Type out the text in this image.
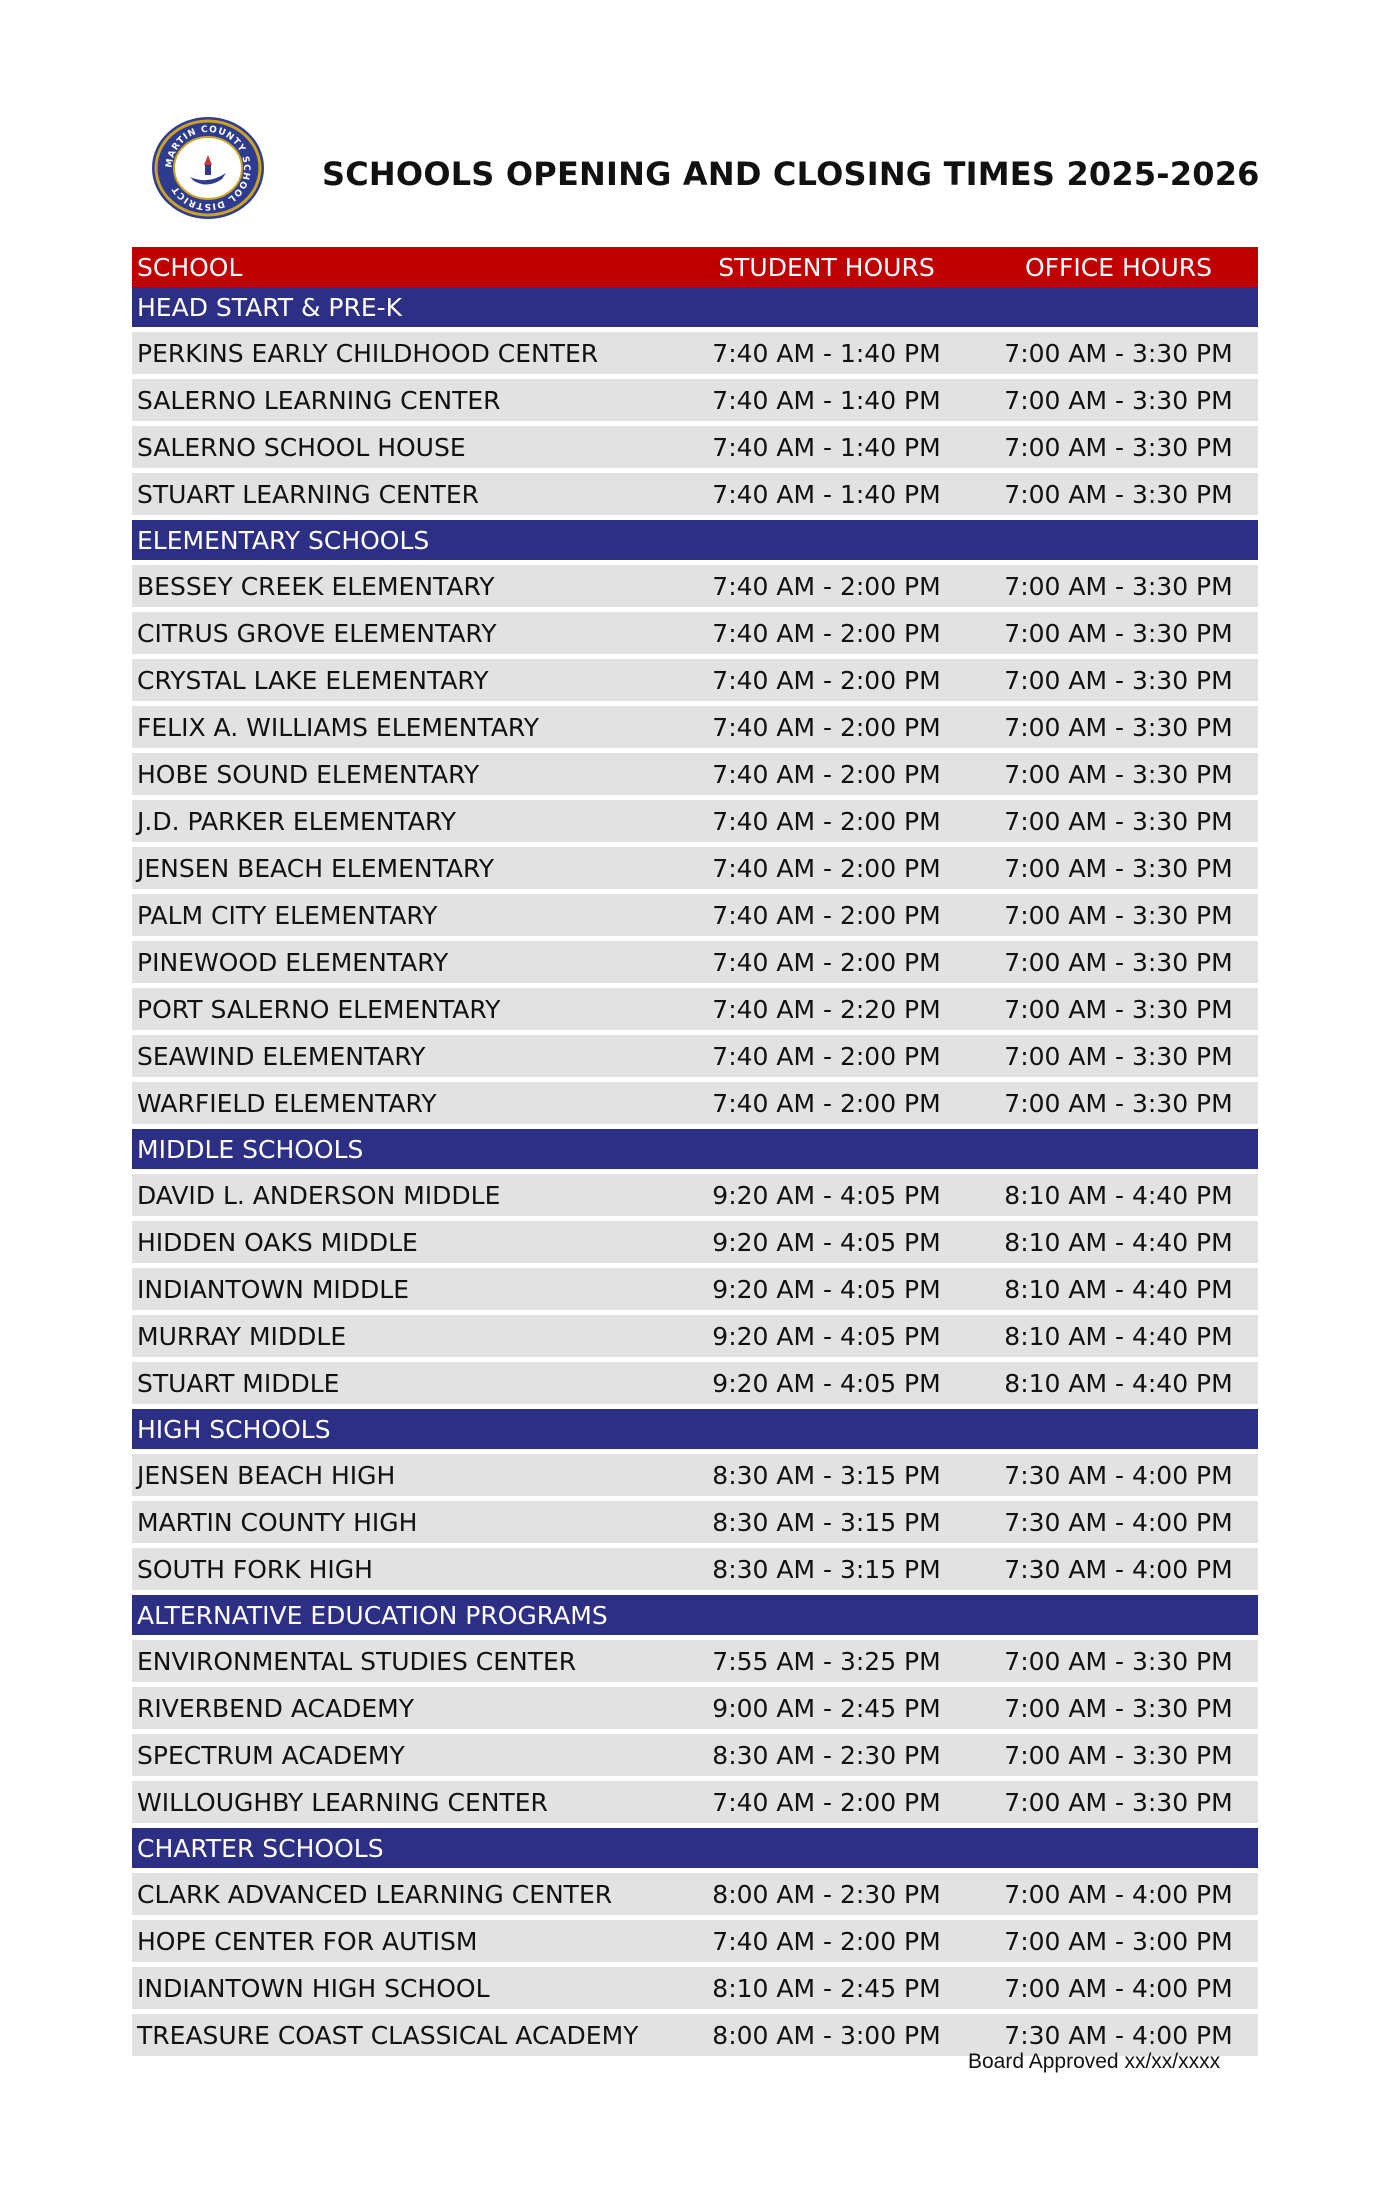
MARTIN COUNTY SCHOOL DISTRICT	SCHOOLS OPENING AND CLOSING TIMES 2025-2026
SCHOOL	STUDENT HOURS	OFFICE HOURS
HEAD START & PRE-K
PERKINS EARLY CHILDHOOD CENTER	7:40 AM - 1:40 PM	7:00 AM - 3:30 PM
SALERNO LEARNING CENTER	7:40 AM - 1:40 PM	7:00 AM - 3:30 PM
SALERNO SCHOOL HOUSE	7:40 AM - 1:40 PM	7:00 AM - 3:30 PM
STUART LEARNING CENTER	7:40 AM - 1:40 PM	7:00 AM - 3:30 PM
ELEMENTARY SCHOOLS
BESSEY CREEK ELEMENTARY	7:40 AM - 2:00 PM	7:00 AM - 3:30 PM
CITRUS GROVE ELEMENTARY	7:40 AM - 2:00 PM	7:00 AM - 3:30 PM
CRYSTAL LAKE ELEMENTARY	7:40 AM - 2:00 PM	7:00 AM - 3:30 PM
FELIX A. WILLIAMS ELEMENTARY	7:40 AM - 2:00 PM	7:00 AM - 3:30 PM
HOBE SOUND ELEMENTARY	7:40 AM - 2:00 PM	7:00 AM - 3:30 PM
J.D. PARKER ELEMENTARY	7:40 AM - 2:00 PM	7:00 AM - 3:30 PM
JENSEN BEACH ELEMENTARY	7:40 AM - 2:00 PM	7:00 AM - 3:30 PM
PALM CITY ELEMENTARY	7:40 AM - 2:00 PM	7:00 AM - 3:30 PM
PINEWOOD ELEMENTARY	7:40 AM - 2:00 PM	7:00 AM - 3:30 PM
PORT SALERNO ELEMENTARY	7:40 AM - 2:20 PM	7:00 AM - 3:30 PM
SEAWIND ELEMENTARY	7:40 AM - 2:00 PM	7:00 AM - 3:30 PM
WARFIELD ELEMENTARY	7:40 AM - 2:00 PM	7:00 AM - 3:30 PM
MIDDLE SCHOOLS
DAVID L. ANDERSON MIDDLE	9:20 AM - 4:05 PM	8:10 AM - 4:40 PM
HIDDEN OAKS MIDDLE	9:20 AM - 4:05 PM	8:10 AM - 4:40 PM
INDIANTOWN MIDDLE	9:20 AM - 4:05 PM	8:10 AM - 4:40 PM
MURRAY MIDDLE	9:20 AM - 4:05 PM	8:10 AM - 4:40 PM
STUART MIDDLE	9:20 AM - 4:05 PM	8:10 AM - 4:40 PM
HIGH SCHOOLS
JENSEN BEACH HIGH	8:30 AM - 3:15 PM	7:30 AM - 4:00 PM
MARTIN COUNTY HIGH	8:30 AM - 3:15 PM	7:30 AM - 4:00 PM
SOUTH FORK HIGH	8:30 AM - 3:15 PM	7:30 AM - 4:00 PM
ALTERNATIVE EDUCATION PROGRAMS
ENVIRONMENTAL STUDIES CENTER	7:55 AM - 3:25 PM	7:00 AM - 3:30 PM
RIVERBEND ACADEMY	9:00 AM - 2:45 PM	7:00 AM - 3:30 PM
SPECTRUM ACADEMY	8:30 AM - 2:30 PM	7:00 AM - 3:30 PM
WILLOUGHBY LEARNING CENTER	7:40 AM - 2:00 PM	7:00 AM - 3:30 PM
CHARTER SCHOOLS
CLARK ADVANCED LEARNING CENTER	8:00 AM - 2:30 PM	7:00 AM - 4:00 PM
HOPE CENTER FOR AUTISM	7:40 AM - 2:00 PM	7:00 AM - 3:00 PM
INDIANTOWN HIGH SCHOOL	8:10 AM - 2:45 PM	7:00 AM - 4:00 PM
TREASURE COAST CLASSICAL ACADEMY	8:00 AM - 3:00 PM	7:30 AM - 4:00 PM
Board Approved xx/xx/xxxx
